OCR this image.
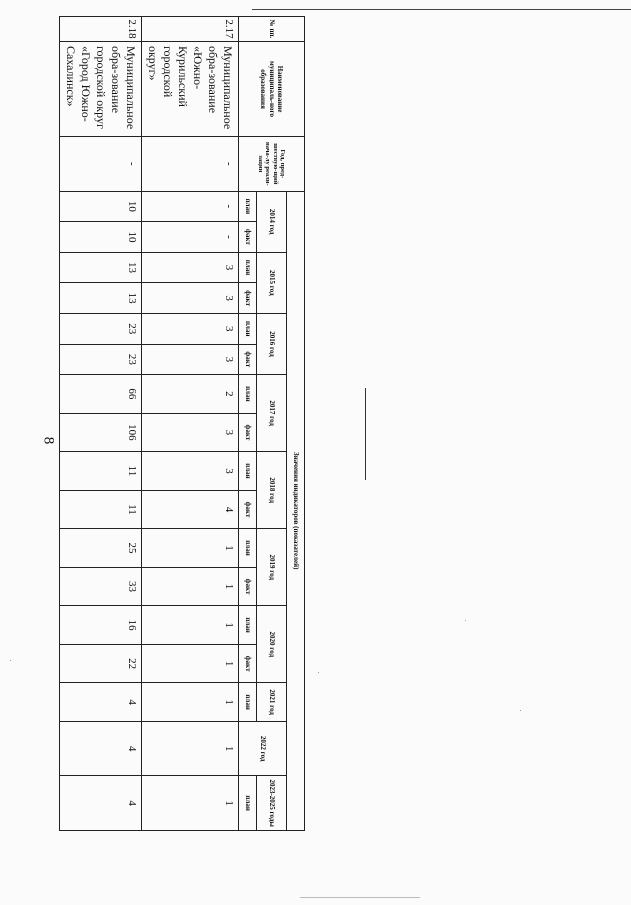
8
№ пп.	Наименование муниципаль-ного образования	Год, пред-шествую-щий нача-лу реали-зации	Значения индикаторов (показателей)																
			2014 год		2015 год		2016 год		2017 год		2018 год		2019 год		2020 год		2021 год	2022 год	2023-2025 годы
			план	факт	план	факт	план	факт	план	факт	план	факт	план	факт	план	факт	план		план
2.17	Муниципальное обра-зование «Южно-Курильский городской округ»	-	-	-	3	3	3	3	2	3	3	4	1	1	1	1	1	1	1
2.18	Муниципальное обра-зование городской округ «Город Южно-Сахалинск»	-	10	10	13	13	23	23	66	106	11	11	25	33	16	22	4	4	4
